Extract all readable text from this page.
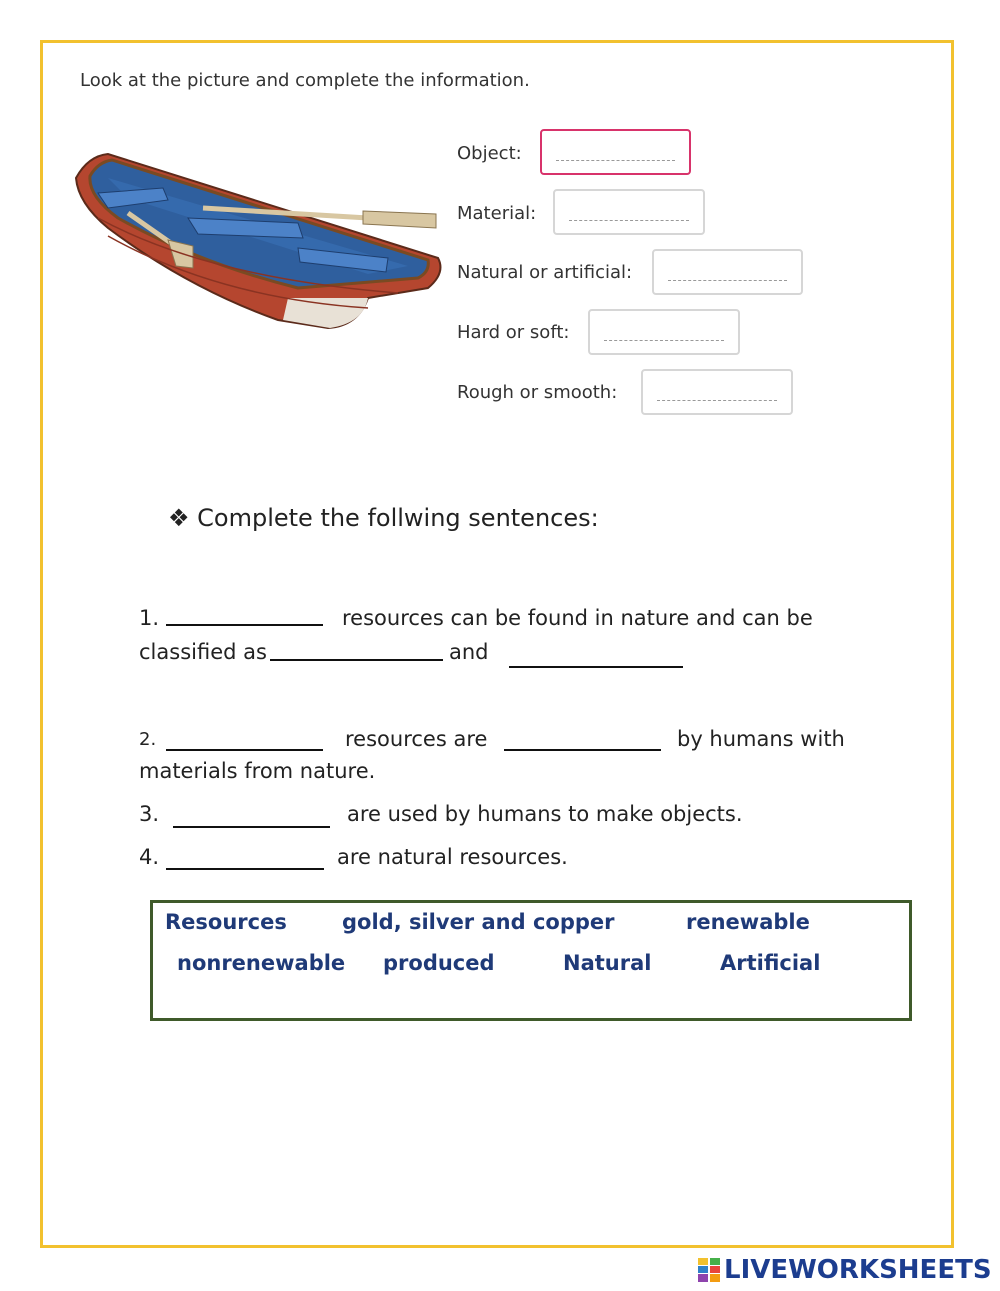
Look at the picture and complete the information.
Object:
Material:
Natural or artificial:
Hard or soft:
Rough or smooth:
❖ Complete the follwing sentences:
1.	resources can be found in nature and can be
classified as	and
2.	resources are	by humans with
materials from nature.
3.	are used by humans to make objects.
4.	are natural resources.
Resources	gold, silver and copper	renewable
nonrenewable produced	Natural	Artificial
LIVEWORKSHEETS
